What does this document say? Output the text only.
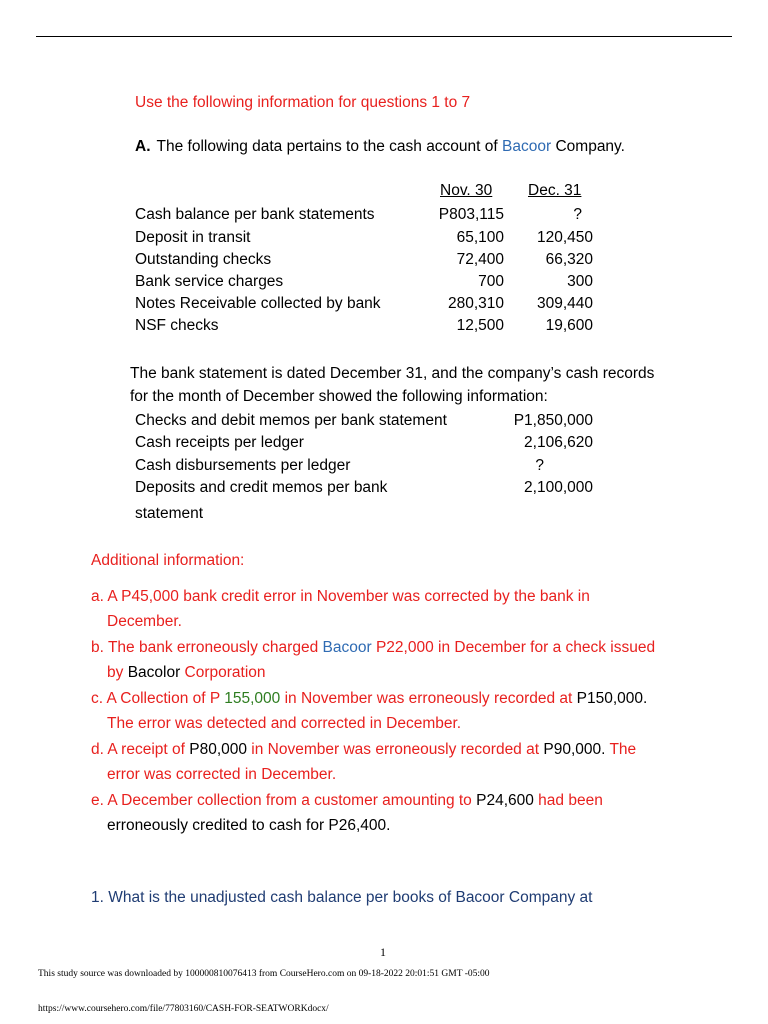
Use the following information for questions 1 to 7
A. The following data pertains to the cash account of Bacoor Company.
Nov. 30 Dec. 31
Cash balance per bank statements	P803,115	?
Deposit in transit	65,100 120,450
Outstanding checks	72,400	66,320
Bank service charges	700	300
Notes Receivable collected by bank	280,310 309,440
NSF checks	12,500	19,600
The bank statement is dated December 31, and the company’s cash records
for the month of December showed the following information:
Checks and debit memos per bank statement	P1,850,000
Cash receipts per ledger	2,106,620
Cash disbursements per ledger	?
Deposits and credit memos per bank	2,100,000
statement
Additional information:
a. A P45,000 bank credit error in November was corrected by the bank in
December.
b. The bank erroneously charged Bacoor P22,000 in December for a check issued
by Bacolor Corporation
c. A Collection of P 155,000 in November was erroneously recorded at P150,000.
The error was detected and corrected in December.
d. A receipt of P80,000 in November was erroneously recorded at P90,000. The
error was corrected in December.
e. A December collection from a customer amounting to P24,600 had been
erroneously credited to cash for P26,400.
1. What is the unadjusted cash balance per books of Bacoor Company at
1
This study source was downloaded by 100000810076413 from CourseHero.com on 09-18-2022 20:01:51 GMT -05:00
https://www.coursehero.com/file/77803160/CASH-FOR-SEATWORKdocx/
